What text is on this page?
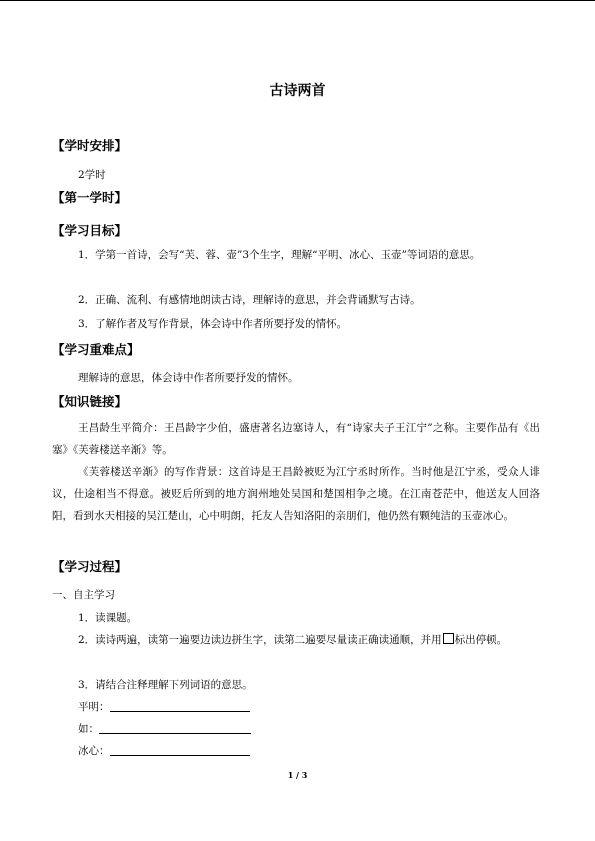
古诗两首
【学时安排】
2学时
【第一学时】
【学习目标】
1．学第一首诗，会写“芙、蓉、壶”3个生字，理解“平明、冰心、玉壶”等词语的意思。
2．正确、流利、有感情地朗读古诗，理解诗的意思，并会背诵默写古诗。
3．了解作者及写作背景，体会诗中作者所要抒发的情怀。
【学习重难点】
理解诗的意思，体会诗中作者所要抒发的情怀。
【知识链接】
王昌龄生平简介：王昌龄字少伯，盛唐著名边塞诗人，有“诗家夫子王江宁”之称。主要作品有《出塞》《芙蓉楼送辛渐》等。
《芙蓉楼送辛渐》的写作背景：这首诗是王昌龄被贬为江宁丞时所作。当时他是江宁丞，受众人诽议，仕途相当不得意。被贬后所到的地方润州地处吴国和楚国相争之境。在江南苍茫中，他送友人回洛阳，看到水天相接的吴江楚山，心中明朗，托友人告知洛阳的亲朋们，他仍然有颗纯洁的玉壶冰心。
【学习过程】
一、自主学习
1．读课题。
2．读诗两遍，读第一遍要边读边拼生字，读第二遍要尽量读正确读通顺，并用 标出停顿。
3．请结合注释理解下列词语的意思。
平明：
如：
冰心：
1 / 3
